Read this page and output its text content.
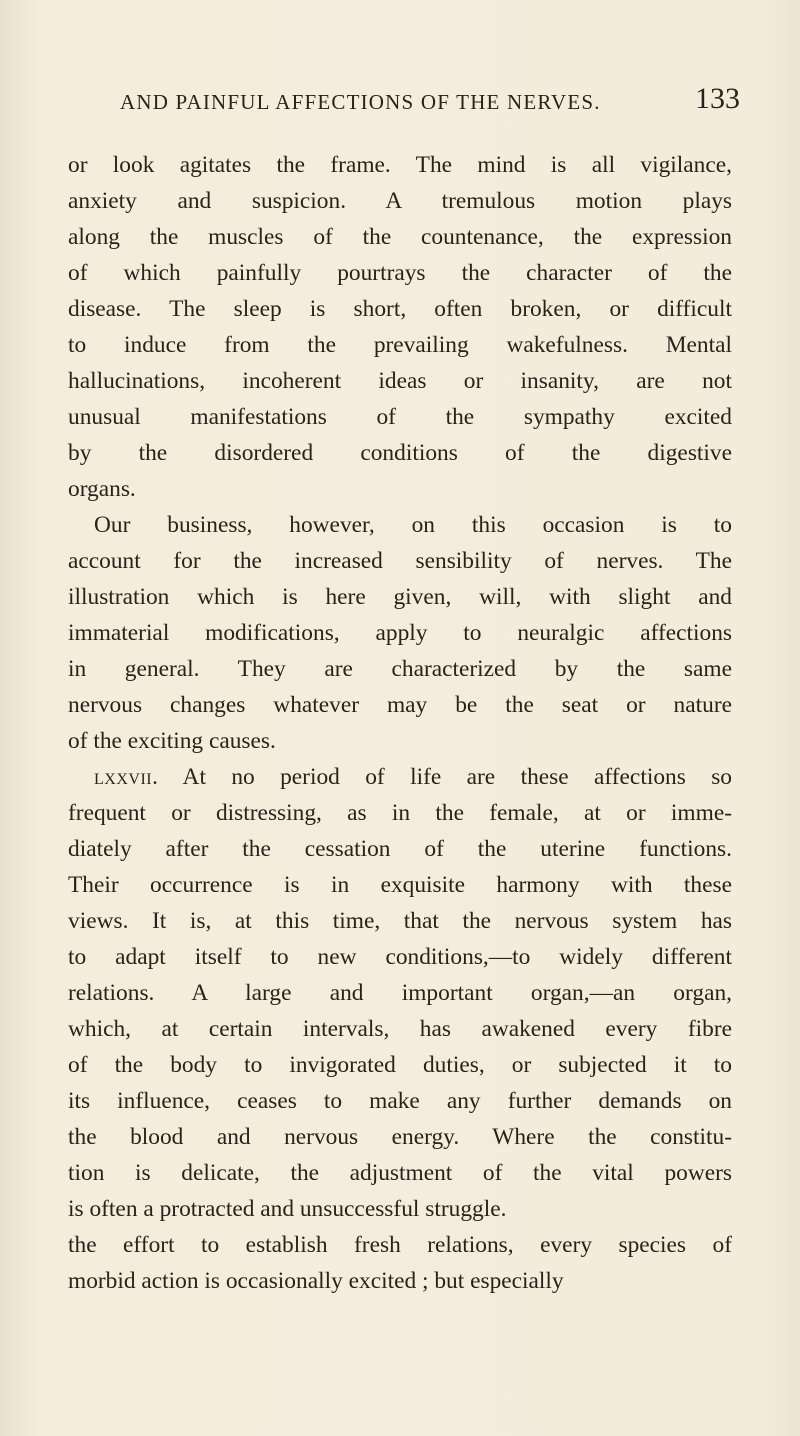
AND PAINFUL AFFECTIONS OF THE NERVES.	133
or look agitates the frame. The mind is all vigilance,
anxiety and suspicion. A tremulous motion plays
along the muscles of the countenance, the expression
of which painfully pourtrays the character of the
disease. The sleep is short, often broken, or difficult
to induce from the prevailing wakefulness. Mental
hallucinations, incoherent ideas or insanity, are not
unusual manifestations of the sympathy excited
by the disordered conditions of the digestive
organs.
Our business, however, on this occasion is to
account for the increased sensibility of nerves. The
illustration which is here given, will, with slight and
immaterial modifications, apply to neuralgic affections
in general. They are characterized by the same
nervous changes whatever may be the seat or nature
of the exciting causes.
lxxvii. At no period of life are these affections so
frequent or distressing, as in the female, at or imme-
diately after the cessation of the uterine functions.
Their occurrence is in exquisite harmony with these
views. It is, at this time, that the nervous system has
to adapt itself to new conditions,—to widely different
relations. A large and important organ,—an organ,
which, at certain intervals, has awakened every fibre
of the body to invigorated duties, or subjected it to
its influence, ceases to make any further demands on
the blood and nervous energy. Where the constitu-
tion is delicate, the adjustment of the vital powers
is often a protracted and unsuccessful struggle.
the effort to establish fresh relations, every species of
morbid action is occasionally excited ; but especially
